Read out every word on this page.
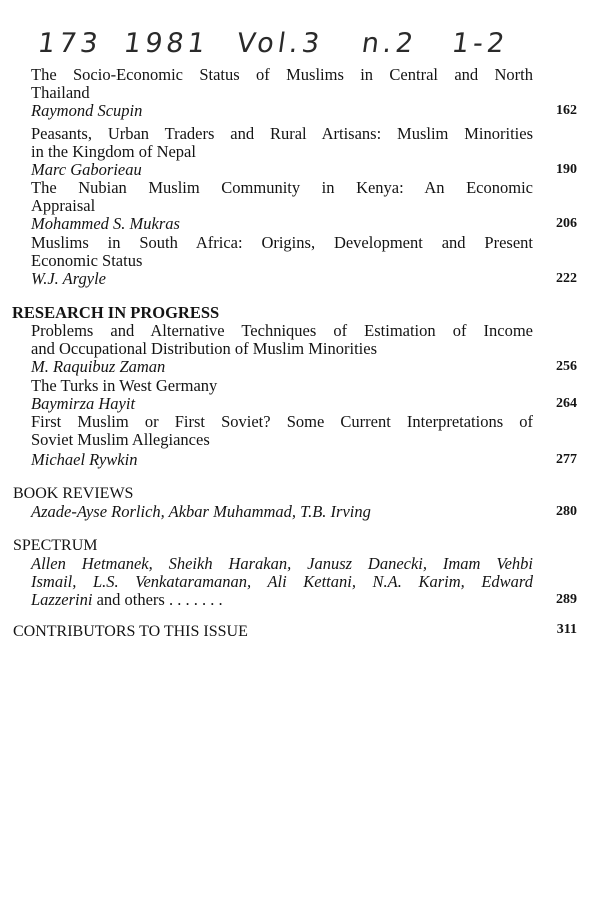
173 1981 Vol.3 n.2 1-2
The Socio-Economic Status of Muslims in Central and North
Thailand
Raymond Scupin	162
Peasants, Urban Traders and Rural Artisans: Muslim Minorities
in the Kingdom of Nepal
Marc Gaborieau	190
The Nubian Muslim Community in Kenya: An Economic
Appraisal
Mohammed S. Mukras	206
Muslims in South Africa: Origins, Development and Present
Economic Status
W.J. Argyle	222
RESEARCH IN PROGRESS
Problems and Alternative Techniques of Estimation of Income
and Occupational Distribution of Muslim Minorities
M. Raquibuz Zaman	256
The Turks in West Germany
Baymirza Hayit	264
First Muslim or First Soviet? Some Current Interpretations of
Soviet Muslim Allegiances
Michael Rywkin	277
BOOK REVIEWS
Azade-Ayse Rorlich, Akbar Muhammad, T.B. Irving	280
SPECTRUM
Allen Hetmanek, Sheikh Harakan, Janusz Danecki, Imam Vehbi
Ismail, L.S. Venkataramanan, Ali Kettani, N.A. Karim, Edward
Lazzerini and others . . . . . . .	289
CONTRIBUTORS TO THIS ISSUE	311
